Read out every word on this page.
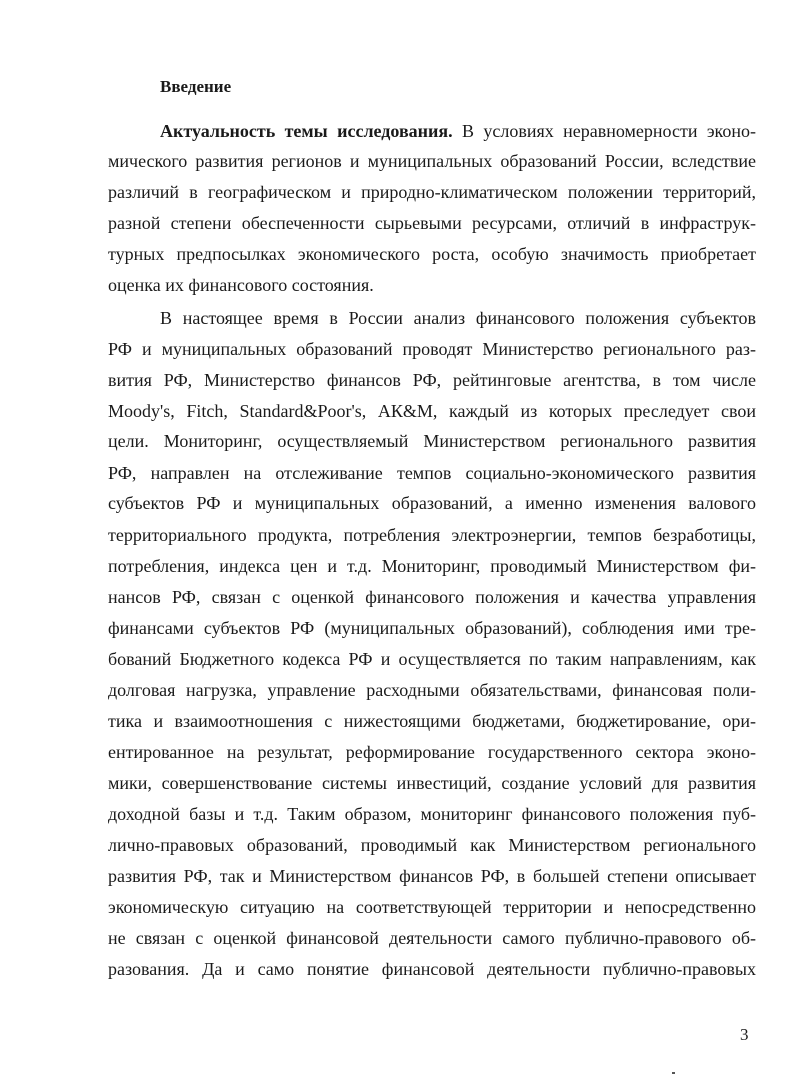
Введение
Актуальность темы исследования. В условиях неравномерности эконо-
мического развития регионов и муниципальных образований России, вследствие
различий в географическом и природно-климатическом положении территорий,
разной степени обеспеченности сырьевыми ресурсами, отличий в инфраструк-
турных предпосылках экономического роста, особую значимость приобретает
оценка их финансового состояния.
В настоящее время в России анализ финансового положения субъектов
РФ и муниципальных образований проводят Министерство регионального раз-
вития РФ, Министерство финансов РФ, рейтинговые агентства, в том числе
Moody's, Fitch, Standard&Poor's, АК&М, каждый из которых преследует свои
цели. Мониторинг, осуществляемый Министерством регионального развития
РФ, направлен на отслеживание темпов социально-экономического развития
субъектов РФ и муниципальных образований, а именно изменения валового
территориального продукта, потребления электроэнергии, темпов безработицы,
потребления, индекса цен и т.д. Мониторинг, проводимый Министерством фи-
нансов РФ, связан с оценкой финансового положения и качества управления
финансами субъектов РФ (муниципальных образований), соблюдения ими тре-
бований Бюджетного кодекса РФ и осуществляется по таким направлениям, как
долговая нагрузка, управление расходными обязательствами, финансовая поли-
тика и взаимоотношения с нижестоящими бюджетами, бюджетирование, ори-
ентированное на результат, реформирование государственного сектора эконо-
мики, совершенствование системы инвестиций, создание условий для развития
доходной базы и т.д. Таким образом, мониторинг финансового положения пуб-
лично-правовых образований, проводимый как Министерством регионального
развития РФ, так и Министерством финансов РФ, в большей степени описывает
экономическую ситуацию на соответствующей территории и непосредственно
не связан с оценкой финансовой деятельности самого публично-правового об-
разования. Да и само понятие финансовой деятельности публично-правовых
3
